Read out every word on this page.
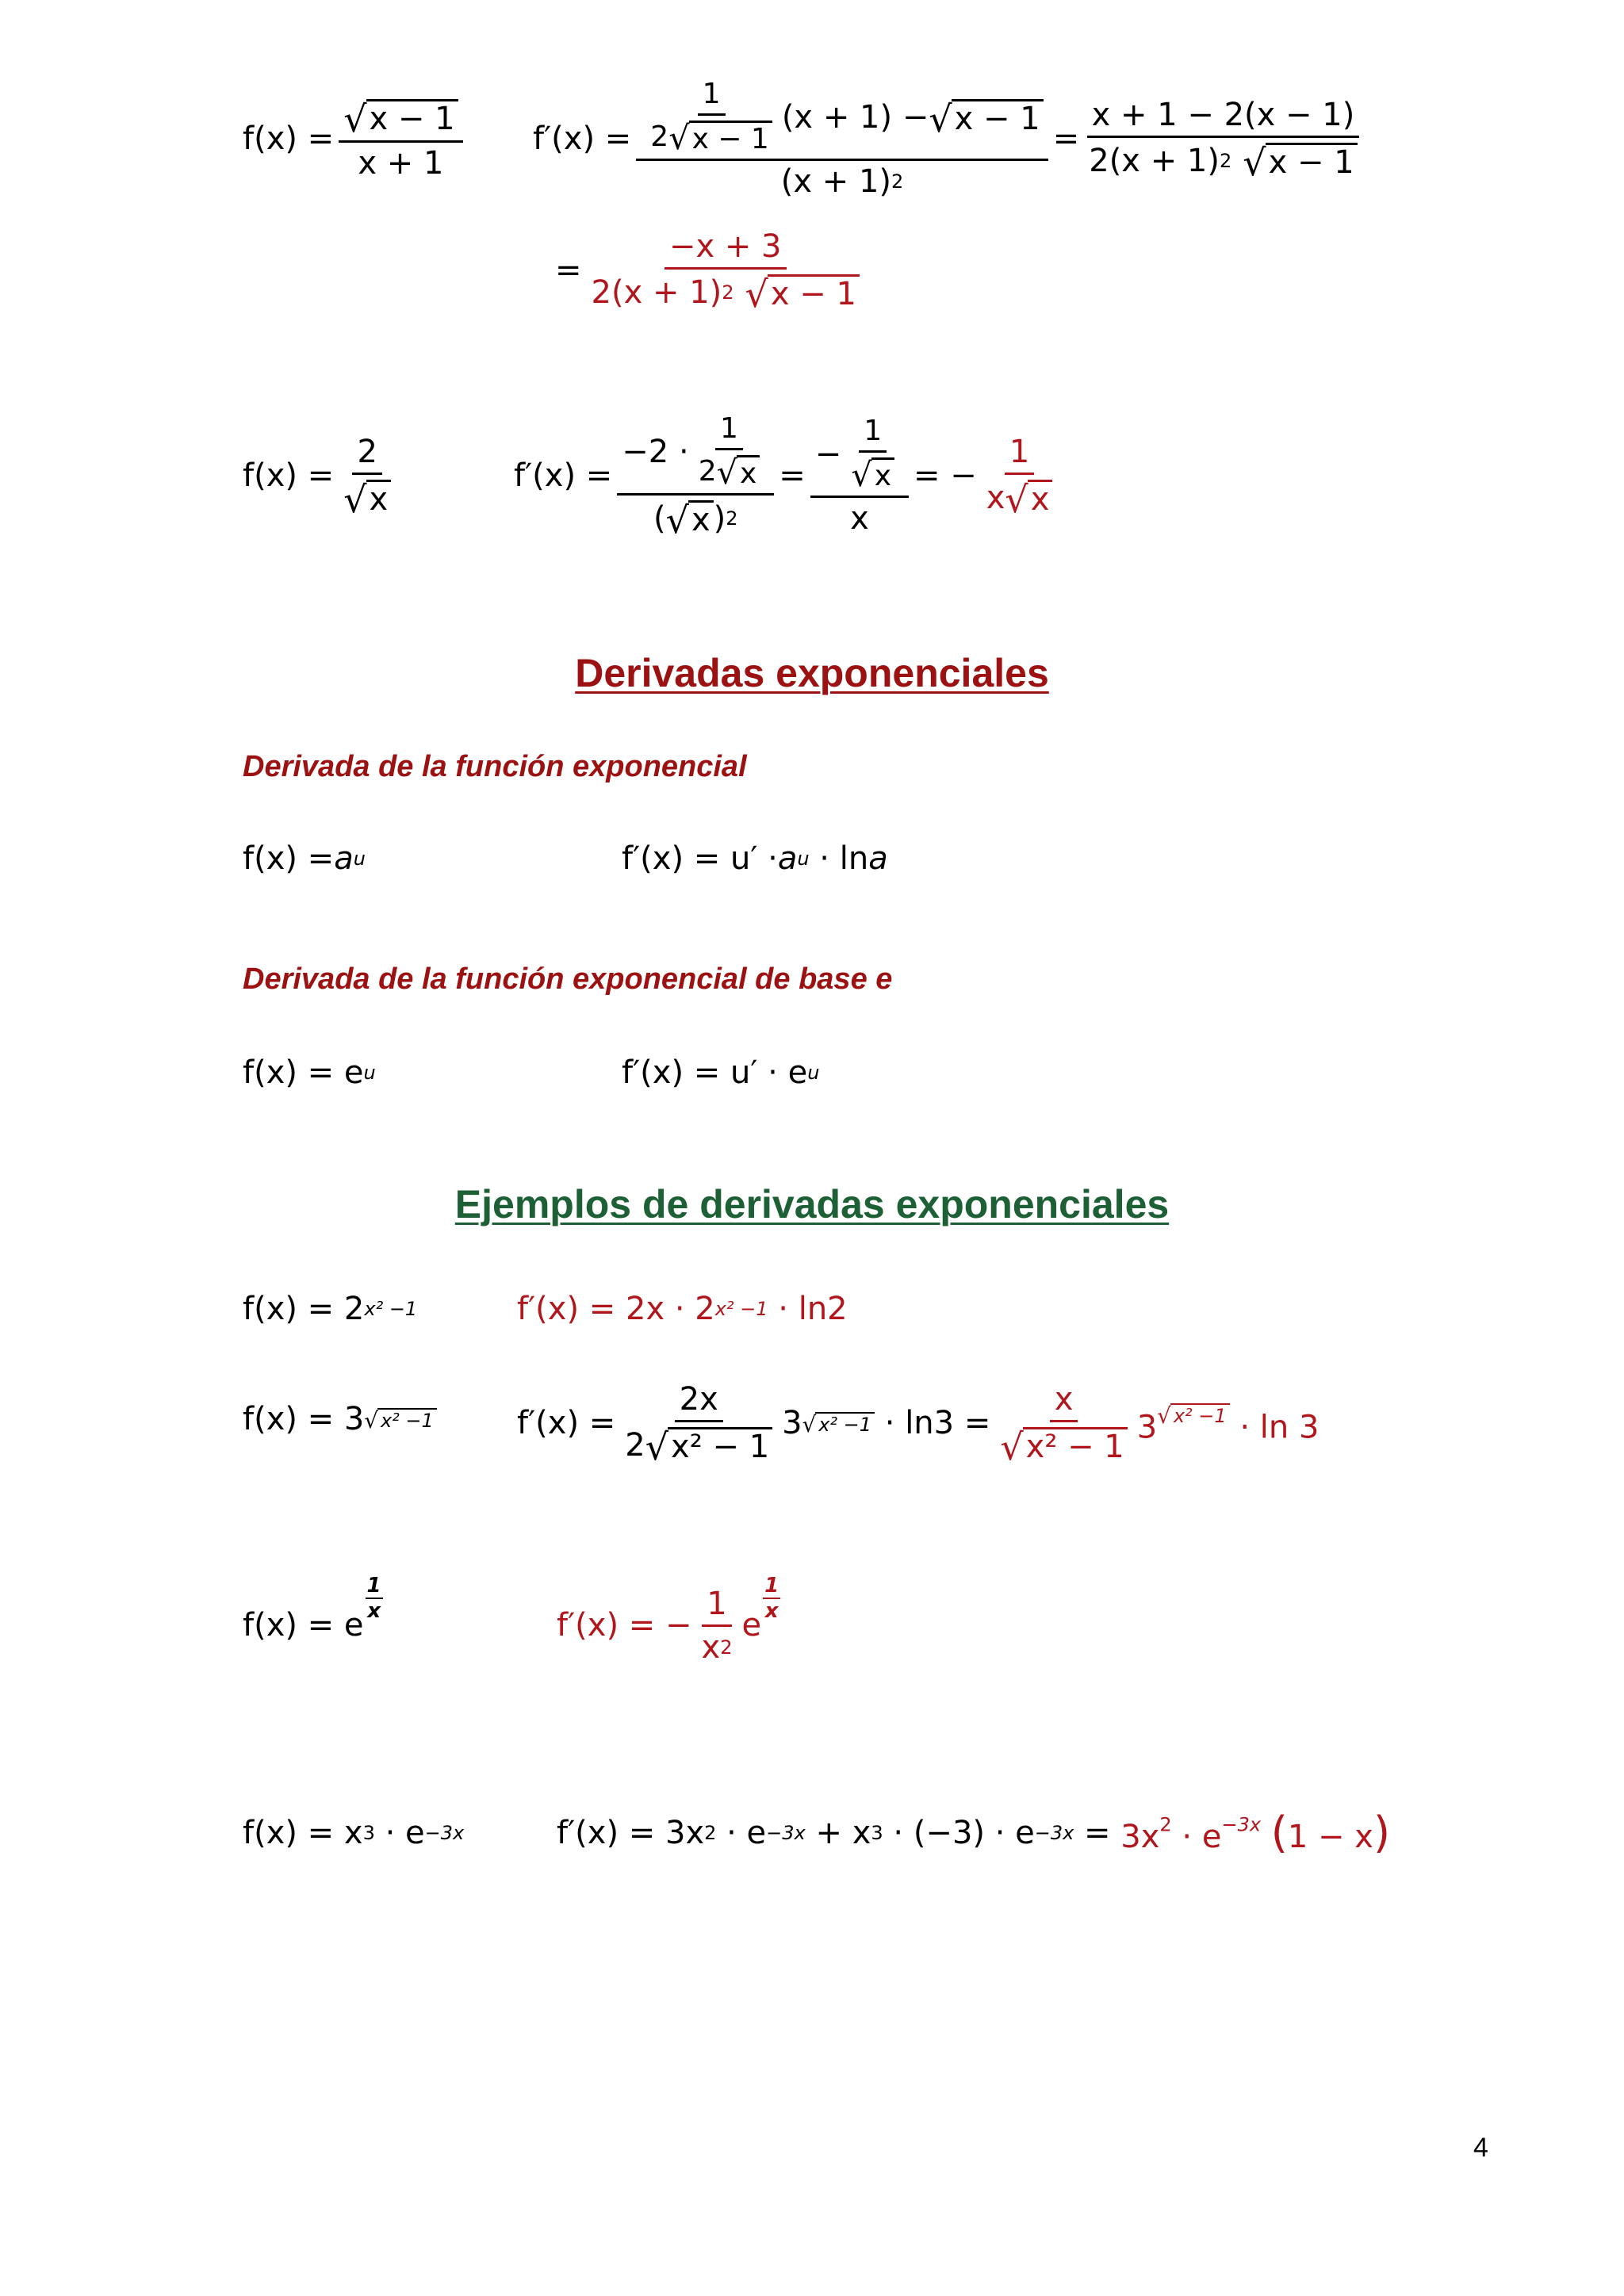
$f(x) = \frac{√ x - 1}{x + 1} f'(x) = \frac{\frac{1}{2 √ x - 1} (x + 1) - √ x - 1}{(x + 1) 2} = \frac{x + 1 - 2(x - 1)}{2(x + 1) 2 √ x - 1}$
= $\frac{-x + 3}{2(x + 1) 2 √ x - 1}$
$f(x) = \frac{2}{√ x}$	$f'(x) = \frac{-2 \cdot \frac{1}{2 √ x}}{( √ x ) 2} = \frac{- \frac{1}{√ x}}{x}$ = − $\frac{1}{x √ x}$
Derivadas exponenciales
Derivada de la función exponencial
f(x) = a u	f′(x) = u′ · a u · ln a
Derivada de la función exponencial de base e
f(x) = e u	f′(x) = u′ · e u
Ejemplos de derivadas exponenciales
f(x) = 2 x² −1	f′(x) = 2x · 2 x² −1 · ln2
f(x) = 3 √ x² −1	$f'(x) = \frac{2x}{\text{2 √ x² − 1}} 3$ √ $x^2 -1 \cdot \ln 3 = \frac{x}{\text{√ x² − 1}} 3$ $^{√ x^2 -1}$ · ln 3
f(x) = e
1
x	f′(x) = − $\frac{1}{x 2}$ e
1
x
f(x) = x 3 · e −3x	f′(x) = 3x 2 · e −3x + x $3 \cdot (-3) \cdot e -3x = 3x^2 \cdot e^{-3x}$ (1 − x)
4
